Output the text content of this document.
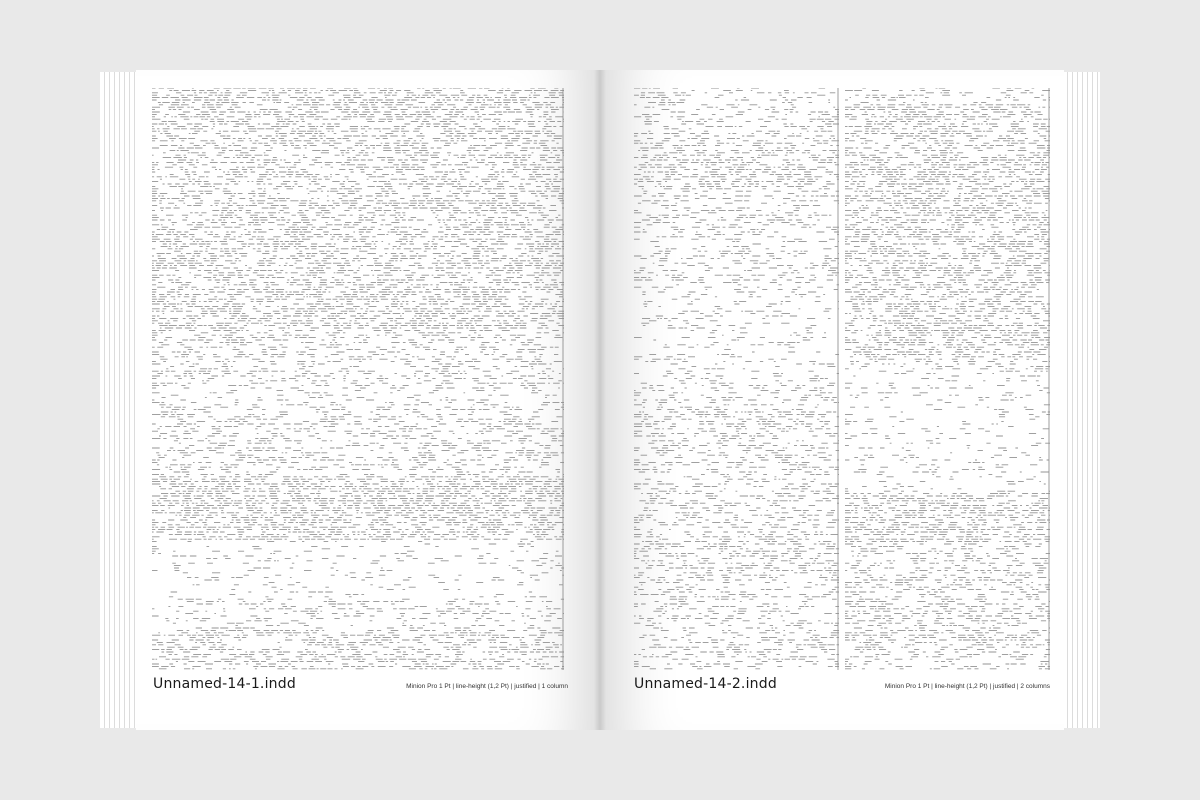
Unnamed-14-1.indd	Minion Pro 1 Pt | line-height (1,2 Pt) | justified | 1 column	Unnamed-14-2.indd	Minion Pro 1 Pt | line-height (1,2 Pt) | justified | 2 columns
